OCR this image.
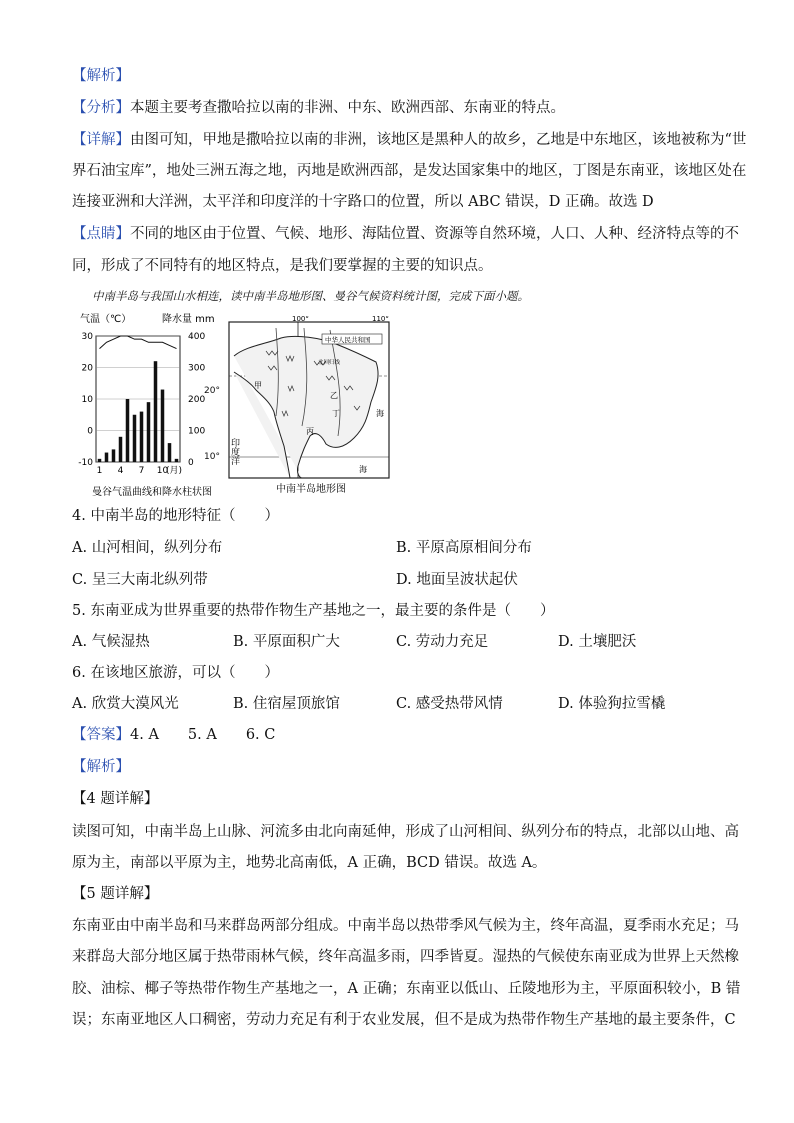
【解析】
【分析】本题主要考查撒哈拉以南的非洲、中东、欧洲西部、东南亚的特点。
【详解】由图可知，甲地是撒哈拉以南的非洲，该地区是黑种人的故乡，乙地是中东地区，该地被称为“世
界石油宝库”，地处三洲五海之地，丙地是欧洲西部，是发达国家集中的地区，丁图是东南亚，该地区处在
连接亚洲和大洋洲，太平洋和印度洋的十字路口的位置，所以 ABC 错误，D 正确。故选 D
【点睛】不同的地区由于位置、气候、地形、海陆位置、资源等自然环境，人口、人种、经济特点等的不
同，形成了不同特有的地区特点，是我们要掌握的主要的知识点。
中南半岛与我国山水相连，读中南半岛地形图、曼谷气候资料统计图，完成下面小题。
气温（℃）	降水量 mm
-10
0
10
20
30
0
100
200
300
400
1 4 7 10
(月)
曼谷气温曲线和降水柱状图
中华人民共和国
北回归线
100°	110°
印度洋
海
海
甲
乙
丙
丁
中南半岛地形图
20°
10°
4. 中南半岛的地形特征（　　）
A. 山河相间，纵列分布	B. 平原高原相间分布
C. 呈三大南北纵列带	D. 地面呈波状起伏
5. 东南亚成为世界重要的热带作物生产基地之一，最主要的条件是（　　）
A. 气候湿热	B. 平原面积广大	C. 劳动力充足	D. 土壤肥沃
6. 在该地区旅游，可以（　　）
A. 欣赏大漠风光	B. 住宿屋顶旅馆	C. 感受热带风情	D. 体验狗拉雪橇
【答案】4. A　　5. A　　6. C
【解析】
【4 题详解】
读图可知，中南半岛上山脉、河流多由北向南延伸，形成了山河相间、纵列分布的特点，北部以山地、高
原为主，南部以平原为主，地势北高南低，A 正确，BCD 错误。故选 A。
【5 题详解】
东南亚由中南半岛和马来群岛两部分组成。中南半岛以热带季风气候为主，终年高温，夏季雨水充足；马
来群岛大部分地区属于热带雨林气候，终年高温多雨，四季皆夏。湿热的气候使东南亚成为世界上天然橡
胶、油棕、椰子等热带作物生产基地之一，A 正确；东南亚以低山、丘陵地形为主，平原面积较小，B 错
误；东南亚地区人口稠密，劳动力充足有利于农业发展，但不是成为热带作物生产基地的最主要条件，C
